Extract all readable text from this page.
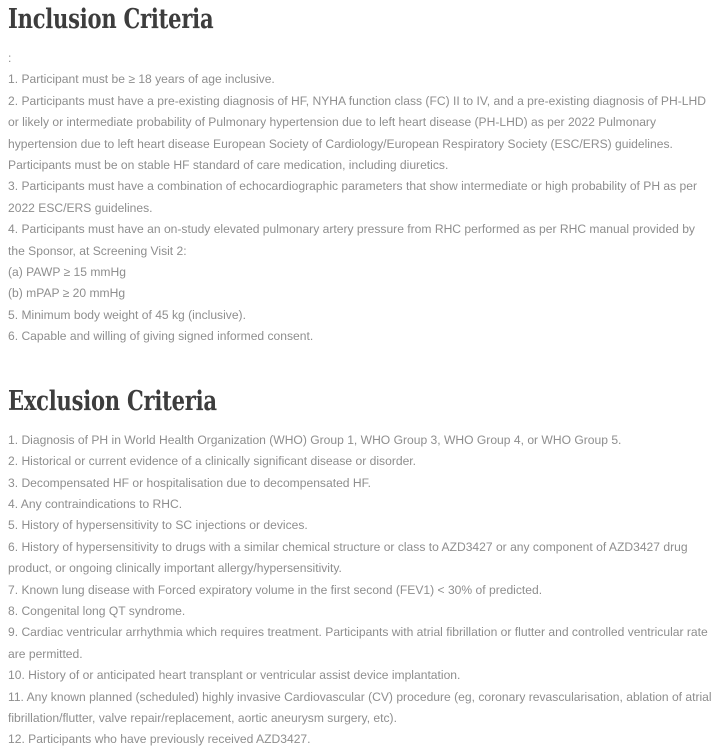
Inclusion Criteria

:

1. Participant must be ≥ 18 years of age inclusive.

2. Participants must have a pre-existing diagnosis of HF, NYHA function class (FC) II to IV, and a pre-existing diagnosis of PH-LHD or likely or intermediate probability of Pulmonary hypertension due to left heart disease (PH-LHD) as per 2022 Pulmonary hypertension due to left heart disease European Society of Cardiology/European Respiratory Society (ESC/ERS) guidelines. Participants must be on stable HF standard of care medication, including diuretics.

3. Participants must have a combination of echocardiographic parameters that show intermediate or high probability of PH as per 2022 ESC/ERS guidelines.

4. Participants must have an on-study elevated pulmonary artery pressure from RHC performed as per RHC manual provided by the Sponsor, at Screening Visit 2:

(a) PAWP ≥ 15 mmHg

(b) mPAP ≥ 20 mmHg

5. Minimum body weight of 45 kg (inclusive).

6. Capable and willing of giving signed informed consent.

Exclusion Criteria

1. Diagnosis of PH in World Health Organization (WHO) Group 1, WHO Group 3, WHO Group 4, or WHO Group 5.

2. Historical or current evidence of a clinically significant disease or disorder.

3. Decompensated HF or hospitalisation due to decompensated HF.

4. Any contraindications to RHC.

5. History of hypersensitivity to SC injections or devices.

6. History of hypersensitivity to drugs with a similar chemical structure or class to AZD3427 or any component of AZD3427 drug product, or ongoing clinically important allergy/hypersensitivity.

7. Known lung disease with Forced expiratory volume in the first second (FEV1) < 30% of predicted.

8. Congenital long QT syndrome.

9. Cardiac ventricular arrhythmia which requires treatment. Participants with atrial fibrillation or flutter and controlled ventricular rate are permitted.

10. History of or anticipated heart transplant or ventricular assist device implantation.

11. Any known planned (scheduled) highly invasive Cardiovascular (CV) procedure (eg, coronary revascularisation, ablation of atrial fibrillation/flutter, valve repair/replacement, aortic aneurysm surgery, etc).

12. Participants who have previously received AZD3427.
